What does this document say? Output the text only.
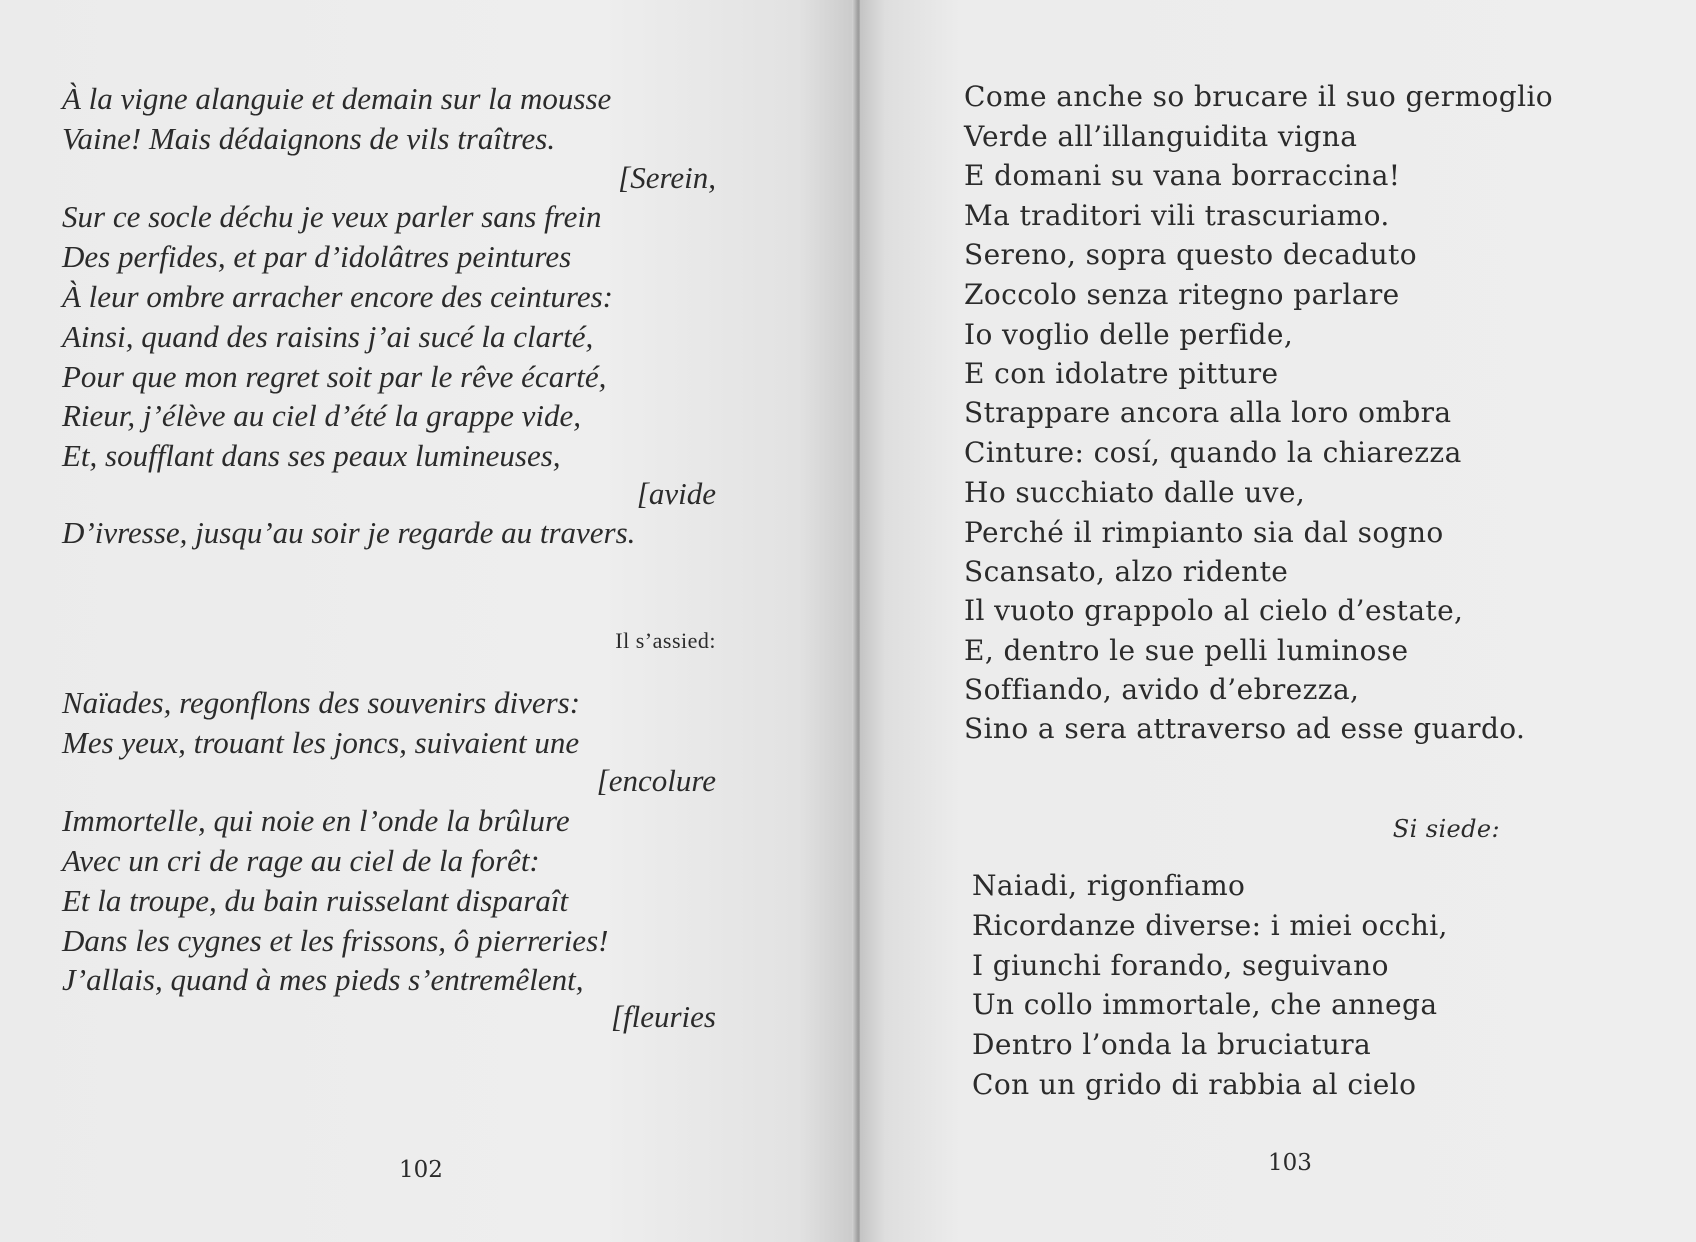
À la vigne alanguie et demain sur la mousse
Vaine! Mais dédaignons de vils traîtres.
[Serein,
Sur ce socle déchu je veux parler sans frein
Des perfides, et par d’idolâtres peintures
À leur ombre arracher encore des ceintures:
Ainsi, quand des raisins j’ai sucé la clarté,
Pour que mon regret soit par le rêve écarté,
Rieur, j’élève au ciel d’été la grappe vide,
Et, soufflant dans ses peaux lumineuses,
[avide
D’ivresse, jusqu’au soir je regarde au travers.
Il s’assied:
Naïades, regonflons des souvenirs divers:
Mes yeux, trouant les joncs, suivaient une
[encolure
Immortelle, qui noie en l’onde la brûlure
Avec un cri de rage au ciel de la forêt:
Et la troupe, du bain ruisselant disparaît
Dans les cygnes et les frissons, ô pierreries!
J’allais, quand à mes pieds s’entremêlent,
[fleuries
102
Come anche so brucare il suo germoglio
Verde all’illanguidita vigna
E domani su vana borraccina!
Ma traditori vili trascuriamo.
Sereno, sopra questo decaduto
Zoccolo senza ritegno parlare
Io voglio delle perfide,
E con idolatre pitture
Strappare ancora alla loro ombra
Cinture: cosí, quando la chiarezza
Ho succhiato dalle uve,
Perché il rimpianto sia dal sogno
Scansato, alzo ridente
Il vuoto grappolo al cielo d’estate,
E, dentro le sue pelli luminose
Soffiando, avido d’ebrezza,
Sino a sera attraverso ad esse guardo.
Si siede:
Naiadi, rigonfiamo
Ricordanze diverse: i miei occhi,
I giunchi forando, seguivano
Un collo immortale, che annega
Dentro l’onda la bruciatura
Con un grido di rabbia al cielo
103
